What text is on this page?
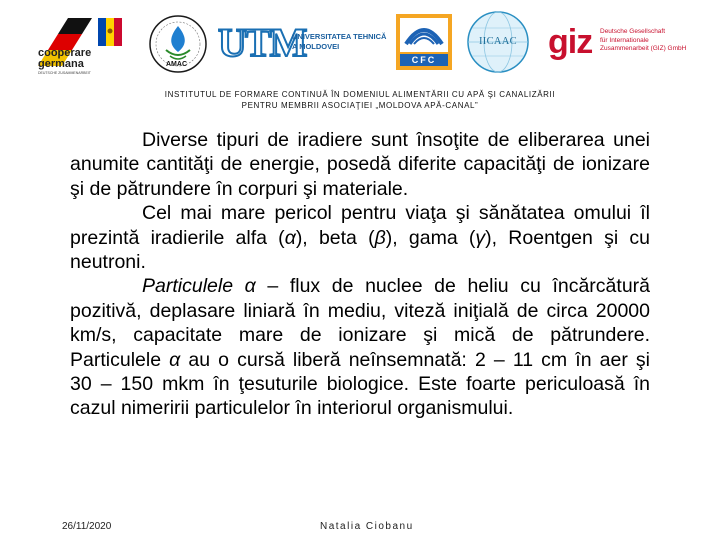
cooperare
germana
DEUTSCHE ZUSAMMENARBEIT
AMAC UTM
UNIVERSITATEA TEHNICĂ
A MOLDOVEI
CFC
IICAAC giz Deutsche Gesellschaft
für Internationale
Zusammenarbeit (GIZ) GmbH
INSTITUTUL DE FORMARE CONTINUĂ ÎN DOMENIUL ALIMENTĂRII CU APĂ ŞI CANALIZĂRII
PENTRU MEMBRII ASOCIAŢIEI „MOLDOVA APĂ-CANAL”

Diverse tipuri de iradiere sunt însoţite de eliberarea unei anumite cantităţi de energie, posedă diferite capacităţi de ionizare şi de pătrundere în corpuri şi materiale.

Cel mai mare pericol pentru viaţa şi sănătatea omului îl prezintă iradierile alfa (α), beta (β), gama (γ), Roentgen şi cu neutroni.

Particulele α – flux de nuclee de heliu cu încărcătură pozitivă, deplasare liniară în mediu, viteză iniţială de circa 20000 km/s, capacitate mare de ionizare şi mică de pătrundere. Particulele α au o cursă liberă neînsemnată: 2 – 11 cm în aer şi           30 – 150 mkm în ţesuturile biologice. Este foarte periculoasă în cazul nimeririi particulelor în interiorul organismului.

26/11/2020	Natalia Ciobanu
